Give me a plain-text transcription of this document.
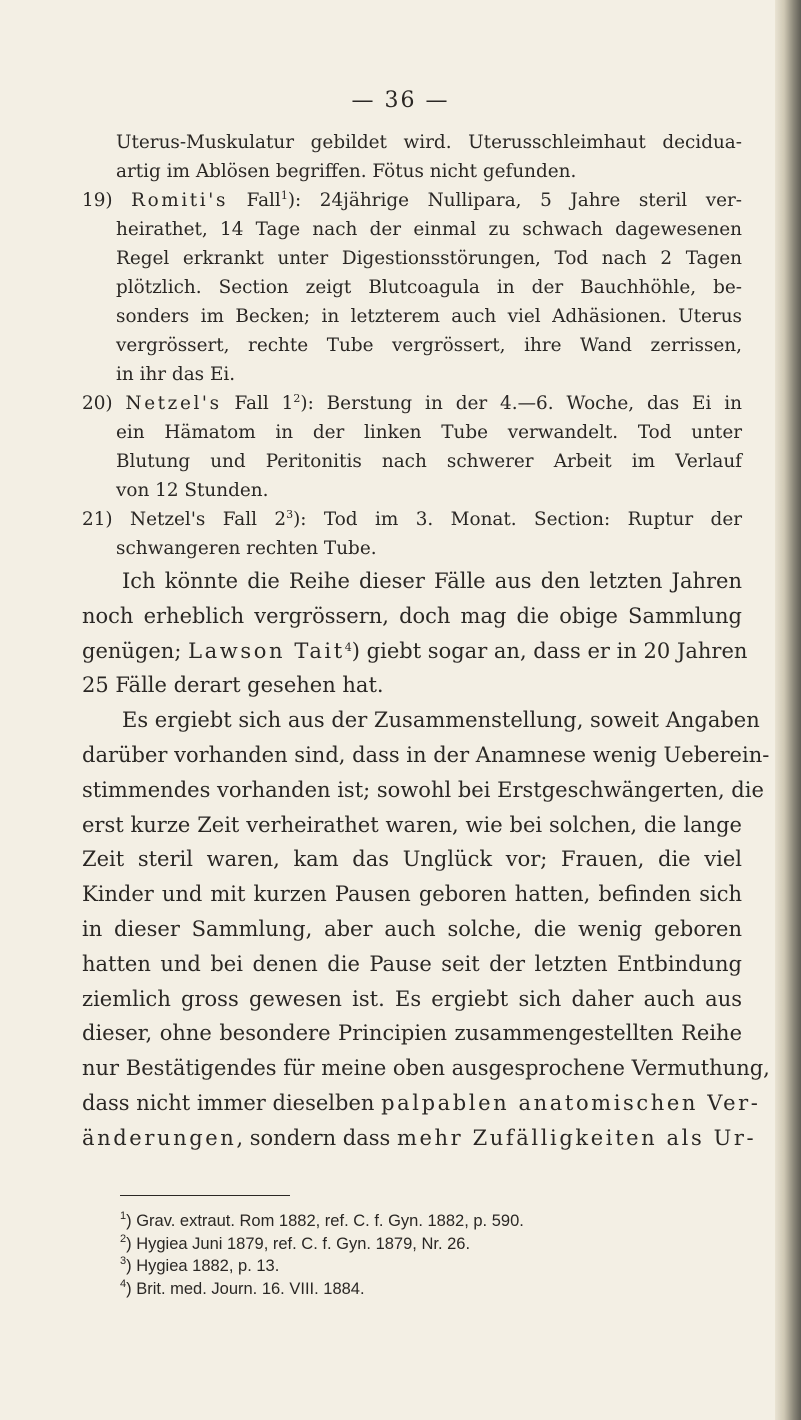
— 36 —
Uterus-Muskulatur gebildet wird. Uterusschleimhaut decidua-
artig im Ablösen begriffen. Fötus nicht gefunden.
19) Romiti's Fall$^1$): 24jährige Nullipara, 5 Jahre steril ver-
heirathet, 14 Tage nach der einmal zu schwach dagewesenen
Regel erkrankt unter Digestionsstörungen, Tod nach 2 Tagen
plötzlich. Section zeigt Blutcoagula in der Bauchhöhle, be-
sonders im Becken; in letzterem auch viel Adhäsionen. Uterus
vergrössert, rechte Tube vergrössert, ihre Wand zerrissen,
in ihr das Ei.
20) Netzel's Fall $1^2$): Berstung in der 4.—6. Woche, das Ei in
ein Hämatom in der linken Tube verwandelt. Tod unter
Blutung und Peritonitis nach schwerer Arbeit im Verlauf
von 12 Stunden.
21) Netzel's Fall $2^3$): Tod im 3. Monat. Section: Ruptur der
schwangeren rechten Tube.
Ich könnte die Reihe dieser Fälle aus den letzten Jahren
noch erheblich vergrössern, doch mag die obige Sammlung
genügen; Lawson Tait$^4$) giebt sogar an, dass er in 20 Jahren
25 Fälle derart gesehen hat.
Es ergiebt sich aus der Zusammenstellung, soweit Angaben
darüber vorhanden sind, dass in der Anamnese wenig Ueberein-
stimmendes vorhanden ist; sowohl bei Erstgeschwängerten, die
erst kurze Zeit verheirathet waren, wie bei solchen, die lange
Zeit steril waren, kam das Unglück vor; Frauen, die viel
Kinder und mit kurzen Pausen geboren hatten, befinden sich
in dieser Sammlung, aber auch solche, die wenig geboren
hatten und bei denen die Pause seit der letzten Entbindung
ziemlich gross gewesen ist. Es ergiebt sich daher auch aus
dieser, ohne besondere Principien zusammengestellten Reihe
nur Bestätigendes für meine oben ausgesprochene Vermuthung,
dass nicht immer dieselben palpablen anatomischen Ver-
änderungen, sondern dass mehr Zufälligkeiten als Ur-
$^1$) Grav. extraut. Rom 1882, ref. C. f. Gyn. 1882, p. 590.
$^2$) Hygiea Juni 1879, ref. C. f. Gyn. 1879, Nr. 26.
$^3$) Hygiea 1882, p. 13.
$^4$) Brit. med. Journ. 16. VIII. 1884.
